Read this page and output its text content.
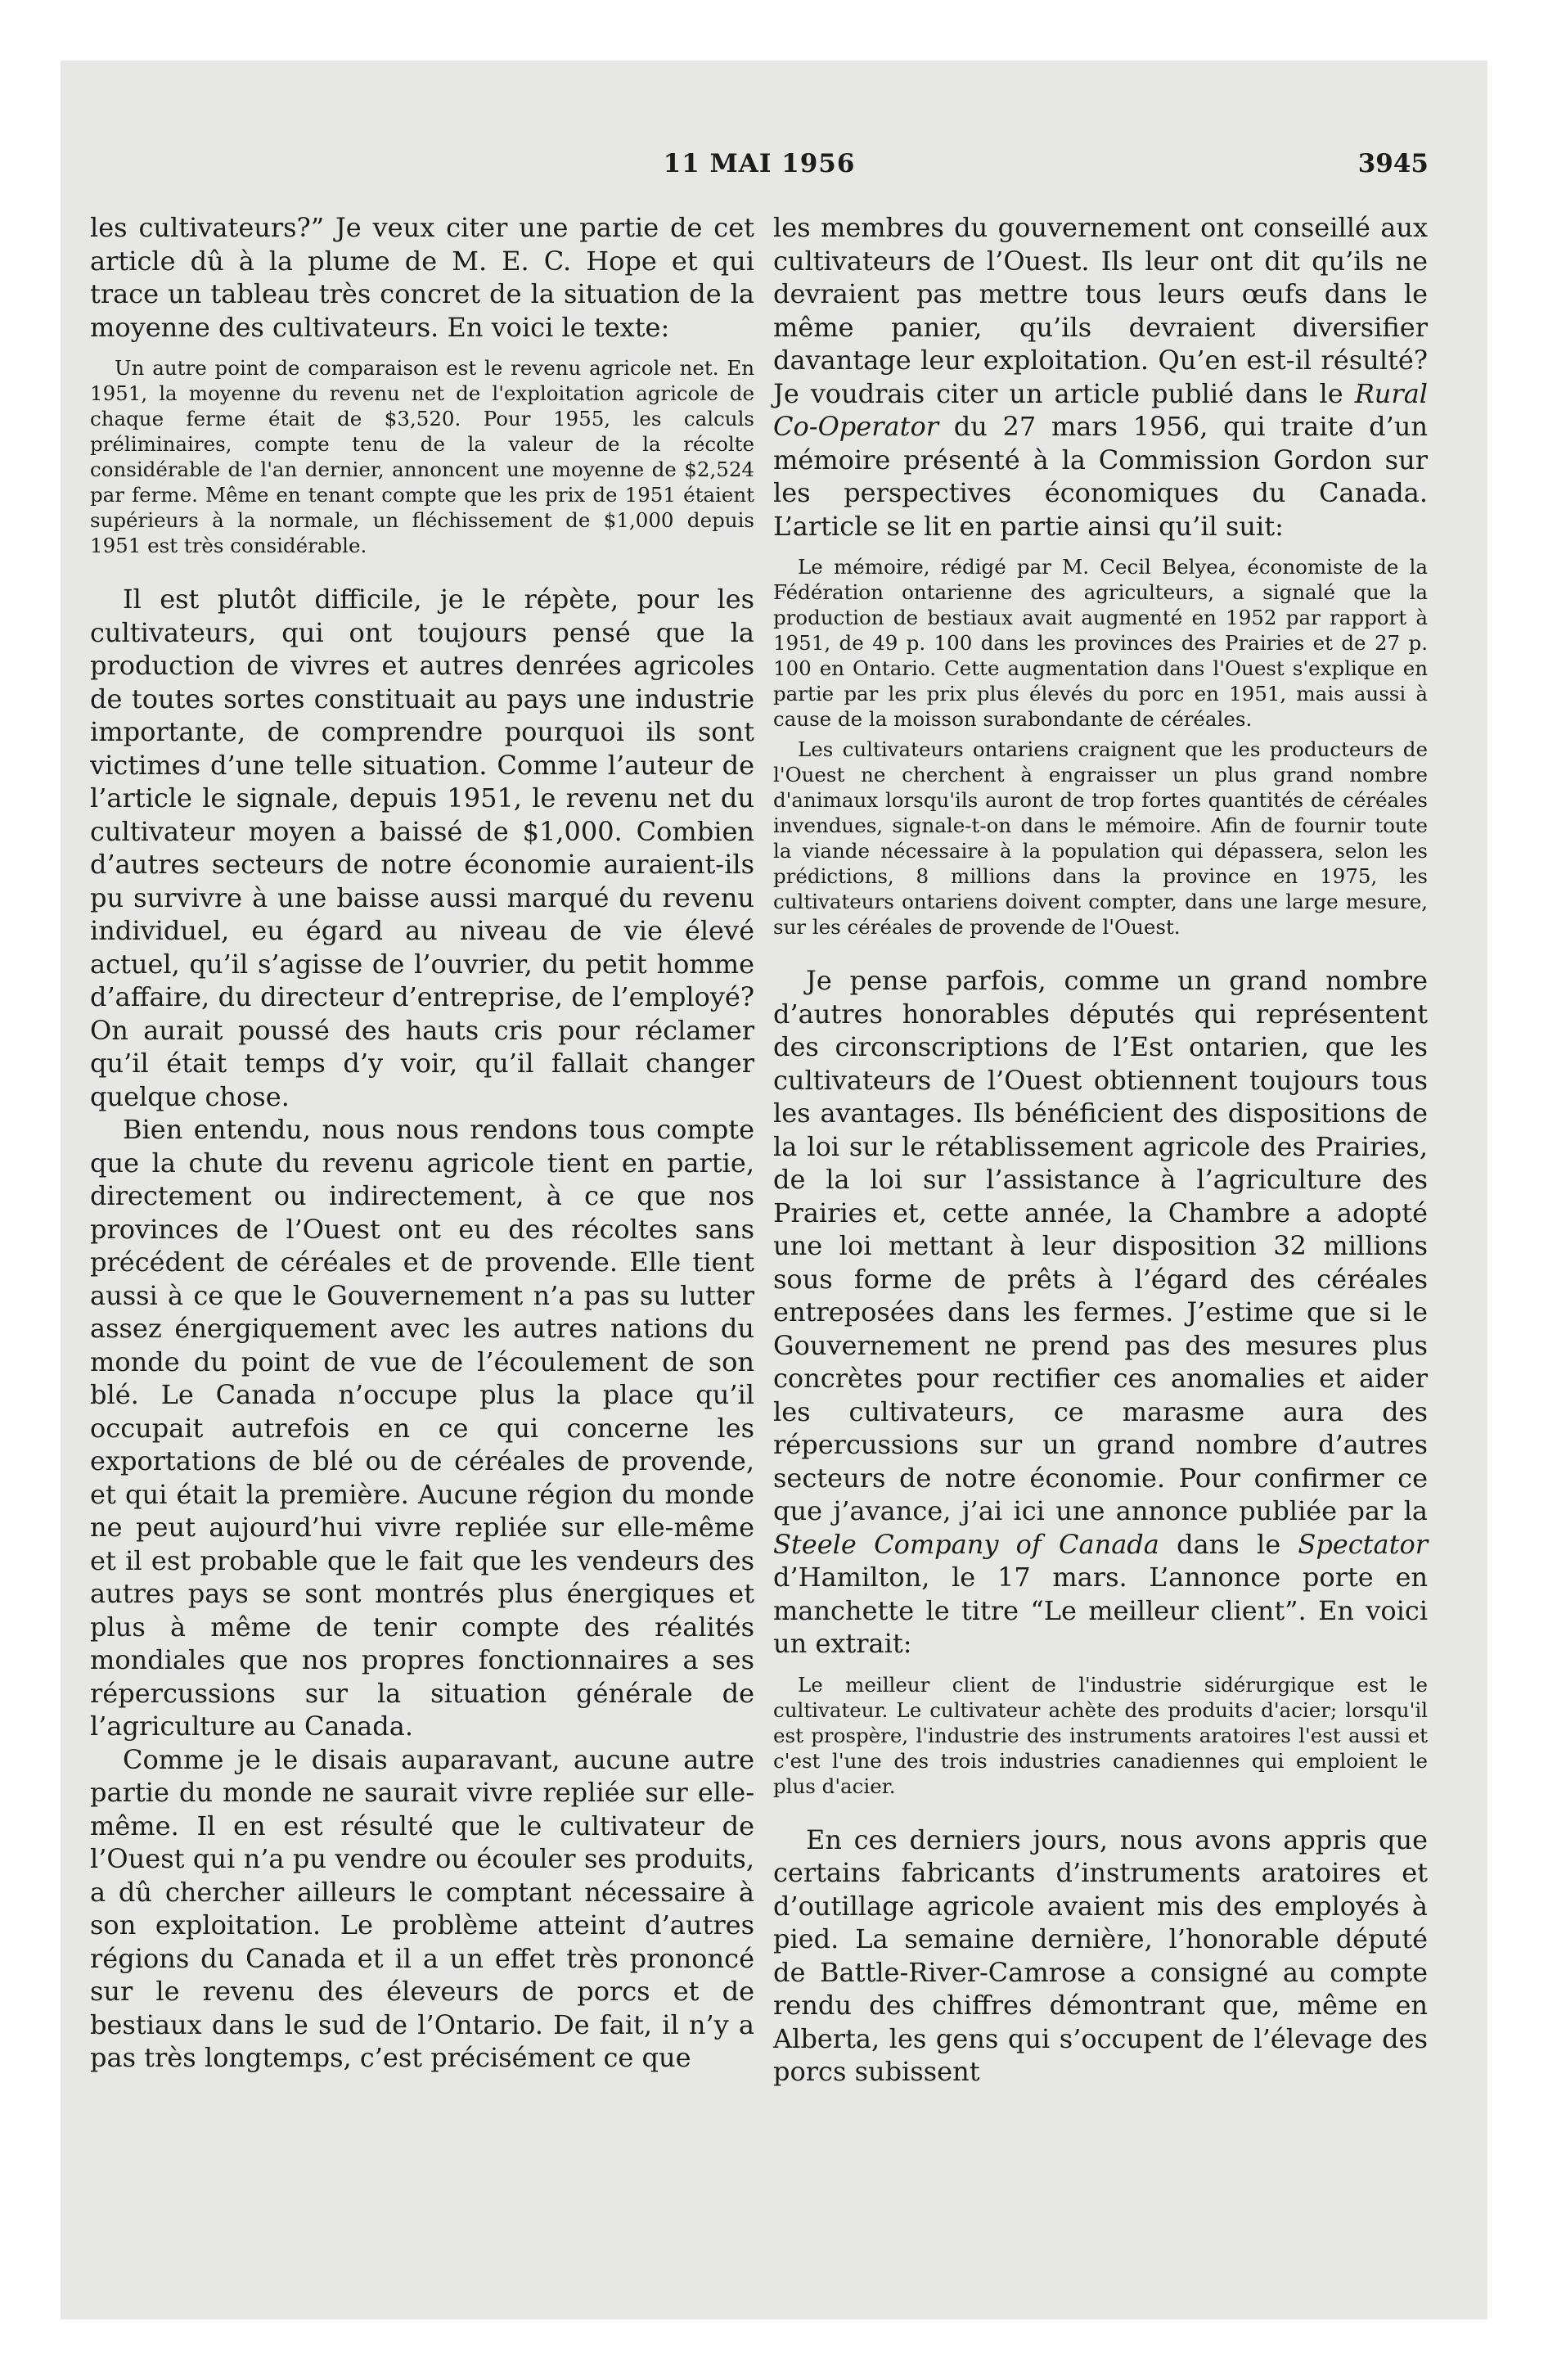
11 MAI 1956	3945

les cultivateurs?” Je veux citer une partie de cet article dû à la plume de M. E. C. Hope et qui trace un tableau très concret de la situation de la moyenne des cultivateurs. En voici le texte:

Un autre point de comparaison est le revenu agricole net. En 1951, la moyenne du revenu net de l'exploitation agricole de chaque ferme était de $3,520. Pour 1955, les calculs préliminaires, compte tenu de la valeur de la récolte considérable de l'an dernier, annoncent une moyenne de $2,524 par ferme. Même en tenant compte que les prix de 1951 étaient supérieurs à la normale, un fléchissement de $1,000 depuis 1951 est très considérable.

Il est plutôt difficile, je le répète, pour les cultivateurs, qui ont toujours pensé que la production de vivres et autres denrées agricoles de toutes sortes constituait au pays une industrie importante, de comprendre pourquoi ils sont victimes d’une telle situation. Comme l’auteur de l’article le signale, depuis 1951, le revenu net du cultivateur moyen a baissé de $1,000. Combien d’autres secteurs de notre économie auraient-ils pu survivre à une baisse aussi marqué du revenu individuel, eu égard au niveau de vie élevé actuel, qu’il s’agisse de l’ouvrier, du petit homme d’affaire, du directeur d’entreprise, de l’employé? On aurait poussé des hauts cris pour réclamer qu’il était temps d’y voir, qu’il fallait changer quelque chose.

Bien entendu, nous nous rendons tous compte que la chute du revenu agricole tient en partie, directement ou indirectement, à ce que nos provinces de l’Ouest ont eu des récoltes sans précédent de céréales et de provende. Elle tient aussi à ce que le Gouvernement n’a pas su lutter assez énergiquement avec les autres nations du monde du point de vue de l’écoulement de son blé. Le Canada n’occupe plus la place qu’il occupait autrefois en ce qui concerne les exportations de blé ou de céréales de provende, et qui était la première. Aucune région du monde ne peut aujourd’hui vivre repliée sur elle-même et il est probable que le fait que les vendeurs des autres pays se sont montrés plus énergiques et plus à même de tenir compte des réalités mondiales que nos propres fonctionnaires a ses répercussions sur la situation générale de l’agriculture au Canada.

Comme je le disais auparavant, aucune autre partie du monde ne saurait vivre repliée sur elle-même. Il en est résulté que le cultivateur de l’Ouest qui n’a pu vendre ou écouler ses produits, a dû chercher ailleurs le comptant nécessaire à son exploitation. Le problème atteint d’autres régions du Canada et il a un effet très prononcé sur le revenu des éleveurs de porcs et de bestiaux dans le sud de l’Ontario. De fait, il n’y a pas très longtemps, c’est précisément ce que

les membres du gouvernement ont conseillé aux cultivateurs de l’Ouest. Ils leur ont dit qu’ils ne devraient pas mettre tous leurs œufs dans le même panier, qu’ils devraient diversifier davantage leur exploitation. Qu’en est-il résulté? Je voudrais citer un article publié dans le Rural Co-Operator du 27 mars 1956, qui traite d’un mémoire présenté à la Commission Gordon sur les perspectives économiques du Canada. L’article se lit en partie ainsi qu’il suit:

Le mémoire, rédigé par M. Cecil Belyea, économiste de la Fédération ontarienne des agriculteurs, a signalé que la production de bestiaux avait augmenté en 1952 par rapport à 1951, de 49 p. 100 dans les provinces des Prairies et de 27 p. 100 en Ontario. Cette augmentation dans l'Ouest s'explique en partie par les prix plus élevés du porc en 1951, mais aussi à cause de la moisson surabondante de céréales.

Les cultivateurs ontariens craignent que les producteurs de l'Ouest ne cherchent à engraisser un plus grand nombre d'animaux lorsqu'ils auront de trop fortes quantités de céréales invendues, signale-t-on dans le mémoire. Afin de fournir toute la viande nécessaire à la population qui dépassera, selon les prédictions, 8 millions dans la province en 1975, les cultivateurs ontariens doivent compter, dans une large mesure, sur les céréales de provende de l'Ouest.

Je pense parfois, comme un grand nombre d’autres honorables députés qui représentent des circonscriptions de l’Est ontarien, que les cultivateurs de l’Ouest obtiennent toujours tous les avantages. Ils bénéficient des dispositions de la loi sur le rétablissement agricole des Prairies, de la loi sur l’assistance à l’agriculture des Prairies et, cette année, la Chambre a adopté une loi mettant à leur disposition 32 millions sous forme de prêts à l’égard des céréales entreposées dans les fermes. J’estime que si le Gouvernement ne prend pas des mesures plus concrètes pour rectifier ces anomalies et aider les cultivateurs, ce marasme aura des répercussions sur un grand nombre d’autres secteurs de notre économie. Pour confirmer ce que j’avance, j’ai ici une annonce publiée par la Steele Company of Canada dans le Spectator d’Hamilton, le 17 mars. L’annonce porte en manchette le titre “Le meilleur client”. En voici un extrait:

Le meilleur client de l'industrie sidérurgique est le cultivateur. Le cultivateur achète des produits d'acier; lorsqu'il est prospère, l'industrie des instruments aratoires l'est aussi et c'est l'une des trois industries canadiennes qui emploient le plus d'acier.

En ces derniers jours, nous avons appris que certains fabricants d’instruments aratoires et d’outillage agricole avaient mis des employés à pied. La semaine dernière, l’honorable député de Battle-River-Camrose a consigné au compte rendu des chiffres démontrant que, même en Alberta, les gens qui s’occupent de l’élevage des porcs subissent
